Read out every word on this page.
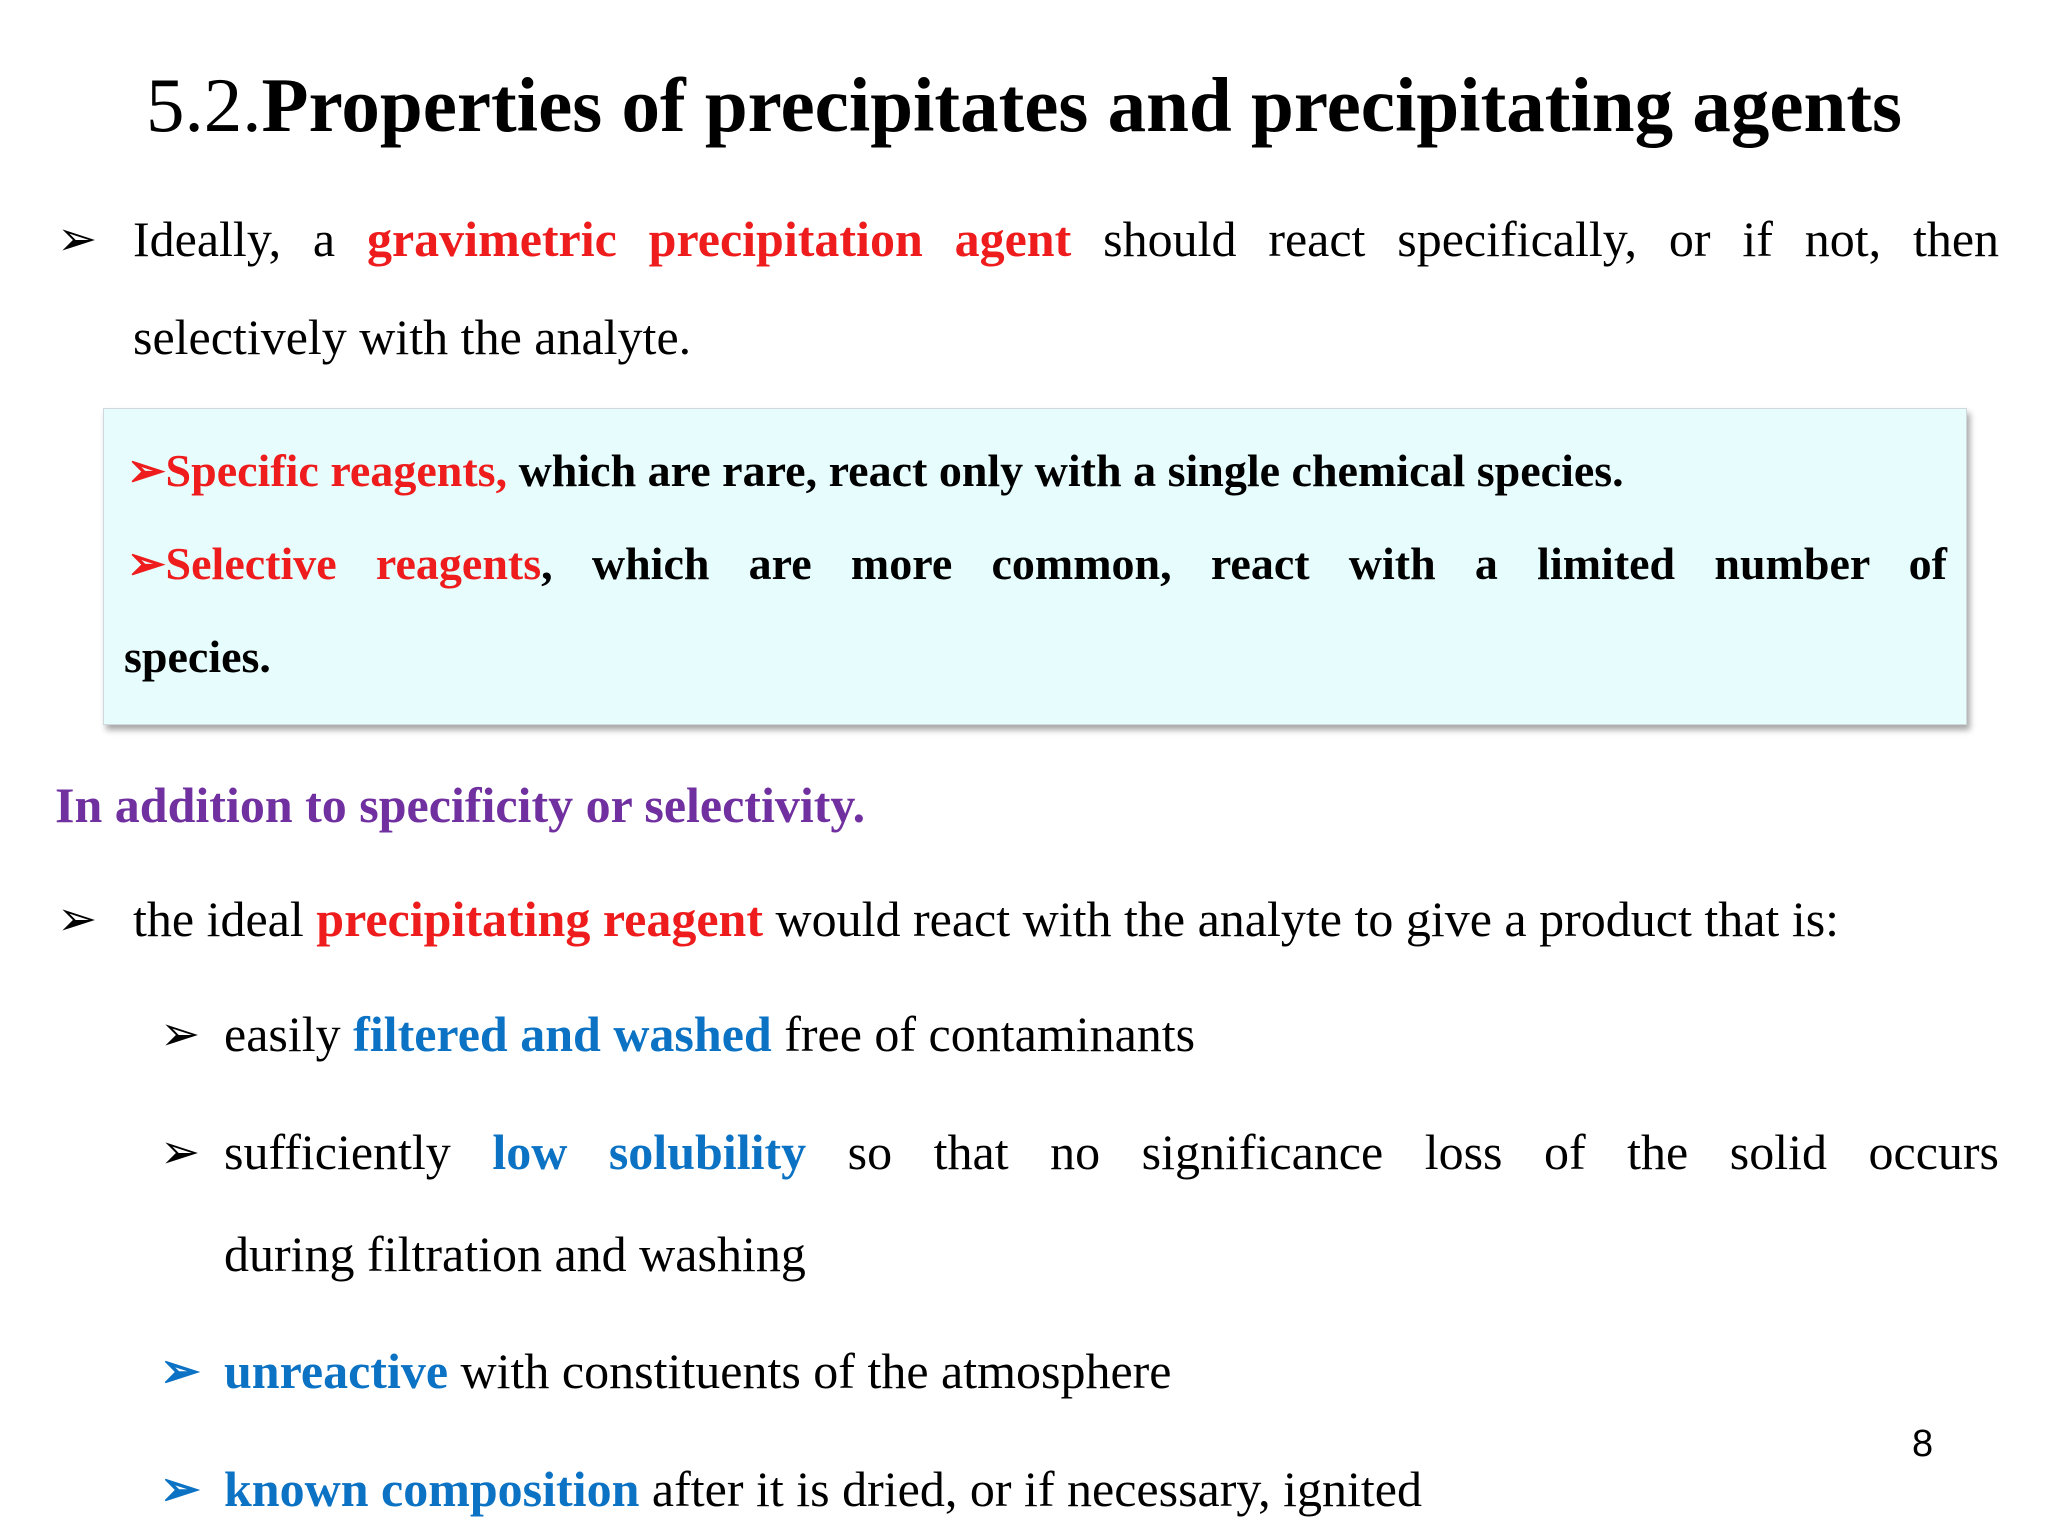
5.2.Properties of precipitates and precipitating agents
➢ Ideally, a gravimetric precipitation agent should react specifically, or if not, then
selectively with the analyte.
➢Specific reagents, which are rare, react only with a single chemical species.
➢Selective reagents, which are more common, react with a limited number of
species.
In addition to specificity or selectivity.
➢ the ideal precipitating reagent would react with the analyte to give a product that is:
➢ easily filtered and washed free of contaminants
➢ sufficiently low solubility so that no significance loss of the solid occurs
during filtration and washing
➢ unreactive with constituents of the atmosphere
➢ known composition after it is dried, or if necessary, ignited
8
